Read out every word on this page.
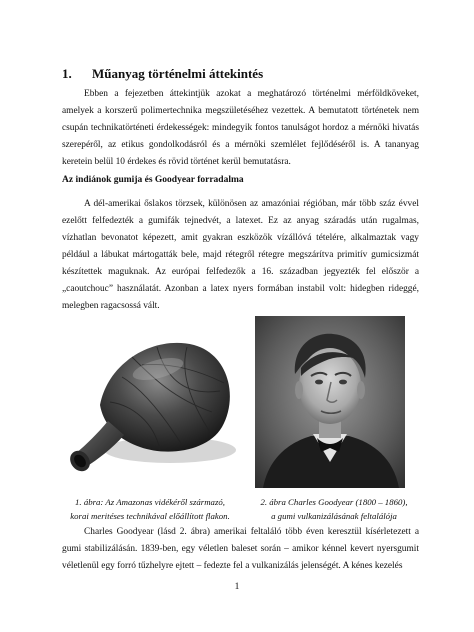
1. Műanyag történelmi áttekintés

Ebben a fejezetben áttekintjük azokat a meghatározó történelmi mérföldköveket, amelyek a korszerű polimertechnika megszületéséhez vezettek. A bemutatott történetek nem csupán technikatörténeti érdekességek: mindegyik fontos tanulságot hordoz a mérnöki hivatás szerepéről, az etikus gondolkodásról és a mérnöki szemlélet fejlődéséről is. A tananyag keretein belül 10 érdekes és rövid történet kerül bemutatásra.

Az indiánok gumija és Goodyear forradalma

A dél-amerikai őslakos törzsek, különösen az amazóniai régióban, már több száz évvel ezelőtt felfedezték a gumifák tejnedvét, a latexet. Ez az anyag száradás után rugalmas, vízhatlan bevonatot képezett, amit gyakran eszközök vízállóvá tételére, alkalmaztak vagy például a lábukat mártogatták bele, majd rétegről rétegre megszárítva primitív gumicsizmát készítettek maguknak. Az európai felfedezők a 16. században jegyezték fel először a „caoutchouc” használatát. Azonban a latex nyers formában instabil volt: hidegben rideggé, melegben ragacsossá vált.

1. ábra: Az Amazonas vidékéről származó,
korai meritéses technikával előállított flakon.
2. ábra Charles Goodyear (1800 – 1860),
a gumi vulkanizálásának feltalálója

Charles Goodyear (lásd 2. ábra) amerikai feltaláló több éven keresztül kísérletezett a gumi stabilizálásán. 1839-ben, egy véletlen baleset során – amikor kénnel kevert nyersgumit véletlenül egy forró tűzhelyre ejtett – fedezte fel a vulkanizálás jelenségét. A kénes kezelés

1
